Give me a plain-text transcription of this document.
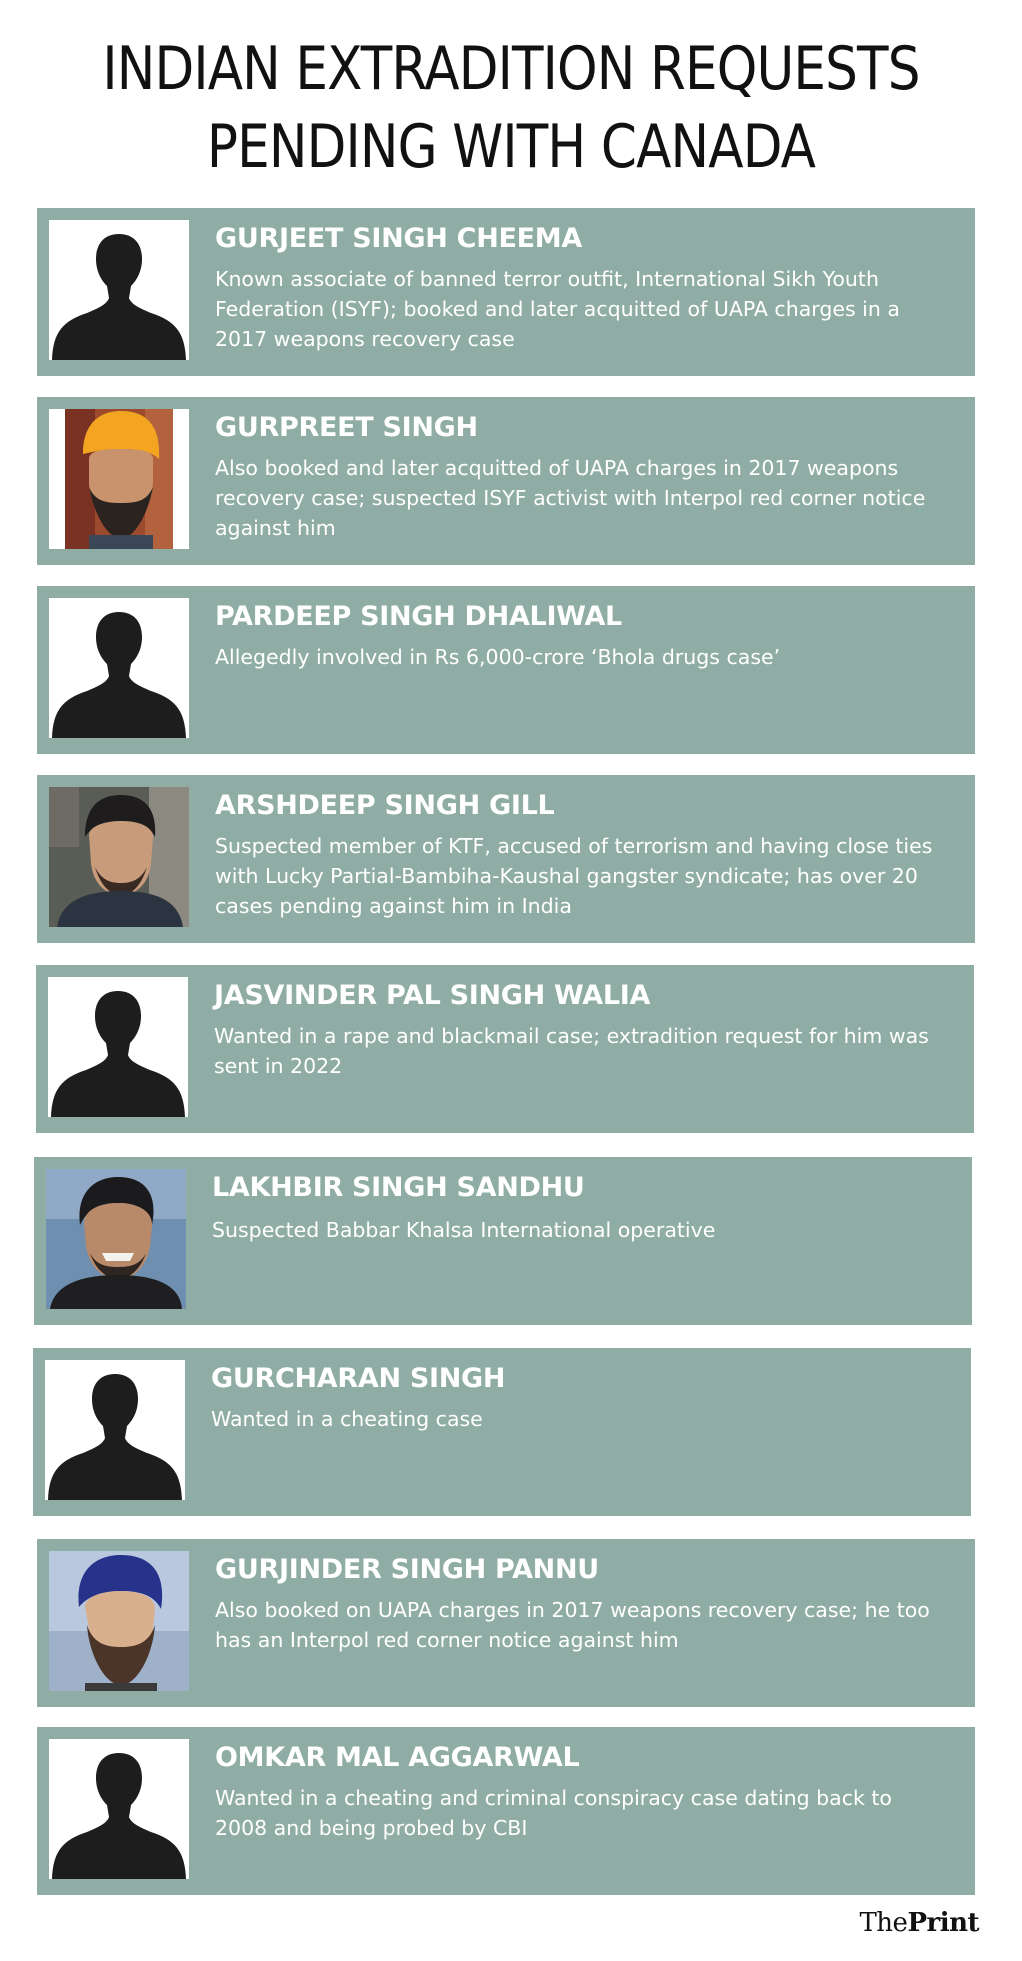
INDIAN EXTRADITION REQUESTS
PENDING WITH CANADA
GURJEET SINGH CHEEMA
Known associate of banned terror outfit, International Sikh Youth Federation (ISYF); booked and later acquitted of UAPA charges in a 2017 weapons recovery case
GURPREET SINGH
Also booked and later acquitted of UAPA charges in 2017 weapons recovery case; suspected ISYF activist with Interpol red corner notice against him
PARDEEP SINGH DHALIWAL
Allegedly involved in Rs 6,000-crore ‘Bhola drugs case’
ARSHDEEP SINGH GILL
Suspected member of KTF, accused of terrorism and having close ties with Lucky Partial-Bambiha-Kaushal gangster syndicate; has over 20 cases pending against him in India
JASVINDER PAL SINGH WALIA
Wanted in a rape and blackmail case; extradition request for him was sent in 2022
LAKHBIR SINGH SANDHU
Suspected Babbar Khalsa International operative
GURCHARAN SINGH
Wanted in a cheating case
GURJINDER SINGH PANNU
Also booked on UAPA charges in 2017 weapons recovery case; he too has an Interpol red corner notice against him
OMKAR MAL AGGARWAL
Wanted in a cheating and criminal conspiracy case dating back to 2008 and being probed by CBI
ThePrint
